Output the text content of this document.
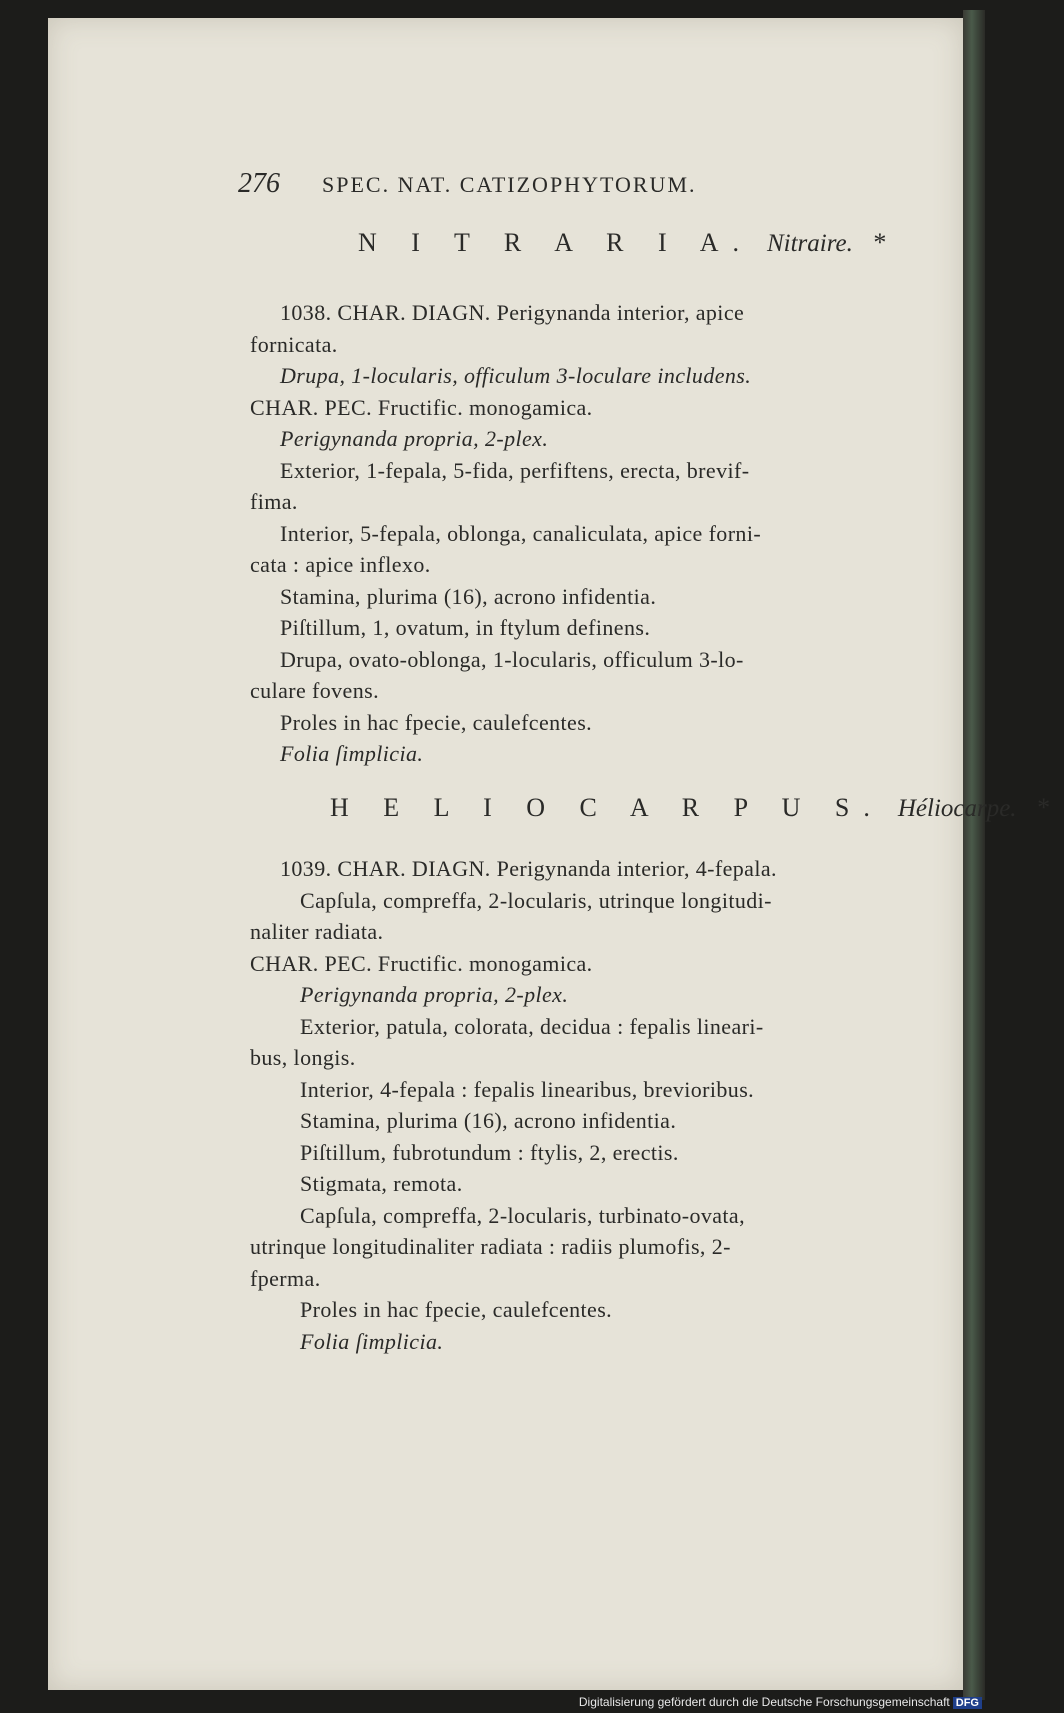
276 SPEC. NAT. CATIZOPHYTORUM.
N I T R A R I A. Nitraire. *
1038. CHAR. DIAGN. Perigynanda interior, apice
fornicata.
Drupa, 1-locularis, officulum 3-loculare includens.
CHAR. PEC. Fructific. monogamica.
Perigynanda propria, 2-plex.
Exterior, 1-fepala, 5-fida, perfiftens, erecta, brevif-
fima.
Interior, 5-fepala, oblonga, canaliculata, apice forni-
cata : apice inflexo.
Stamina, plurima (16), acrono infidentia.
Piſtillum, 1, ovatum, in ftylum definens.
Drupa, ovato-oblonga, 1-locularis, officulum 3-lo-
culare fovens.
Proles in hac fpecie, caulefcentes.
Folia ſimplicia.
H E L I O C A R P U S. Héliocarpe. *
1039. CHAR. DIAGN. Perigynanda interior, 4-fepala.
Capſula, compreffa, 2-locularis, utrinque longitudi-
naliter radiata.
CHAR. PEC. Fructific. monogamica.
Perigynanda propria, 2-plex.
Exterior, patula, colorata, decidua : fepalis lineari-
bus, longis.
Interior, 4-fepala : fepalis linearibus, brevioribus.
Stamina, plurima (16), acrono infidentia.
Piſtillum, fubrotundum : ftylis, 2, erectis.
Stigmata, remota.
Capſula, compreffa, 2-locularis, turbinato-ovata,
utrinque longitudinaliter radiata : radiis plumofis, 2-
fperma.
Proles in hac fpecie, caulefcentes.
Folia ſimplicia.
Digitalisierung gefördert durch die Deutsche Forschungsgemeinschaft DFG
